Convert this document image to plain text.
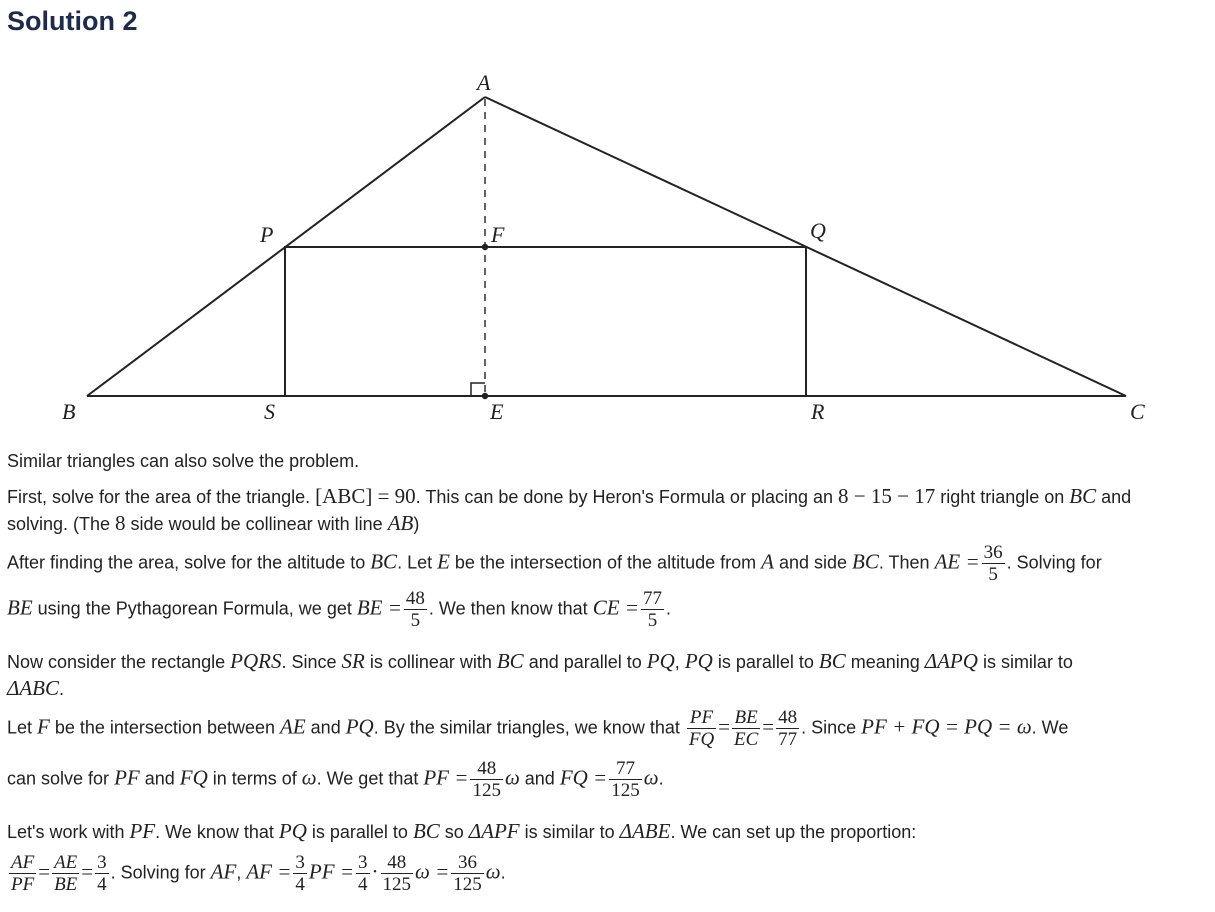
Solution 2
A
P	F	Q
B	S	E	R	C

Similar triangles can also solve the problem.

First, solve for the area of the triangle. [ABC] = 90. This can be done by Heron's Formula or placing an 8 − 15 − 17 right triangle on BC and
solving. (The 8 side would be collinear with line AB)

After finding the area, solve for the altitude to BC. Let E be the intersection of the altitude from A and side BC. Then AE = $\frac{36}{5}$ . Solving for

BE using the Pythagorean Formula, we get BE = $\frac{48}{5}$ . We then know that CE = $\frac{77}{5}$ .

Now consider the rectangle PQRS. Since SR is collinear with BC and parallel to PQ, PQ is parallel to BC meaning ΔAPQ is similar to
ΔABC.

Let F be the intersection between AE and PQ. By the similar triangles, we know that $\frac{PF}{FQ} = \frac{BE}{EC} = \frac{48}{77}$ . Since PF + FQ = PQ = ω. We

can solve for PF and FQ in terms of ω. We get that PF = $\frac{48}{125}$ ω and FQ = $\frac{77}{125} \omega$.

Let's work with PF. We know that PQ is parallel to BC so ΔAPF is similar to ΔABE. We can set up the proportion:

$\frac{AF}{PF} = \frac{AE}{BE} = \frac{3}{4}$ . Solving for AF, AF = $\frac{3}{4}$ PF = $\frac{3}{4} \cdot \frac{48}{125}$ $\omega = \frac{36}{125} \omega$.
